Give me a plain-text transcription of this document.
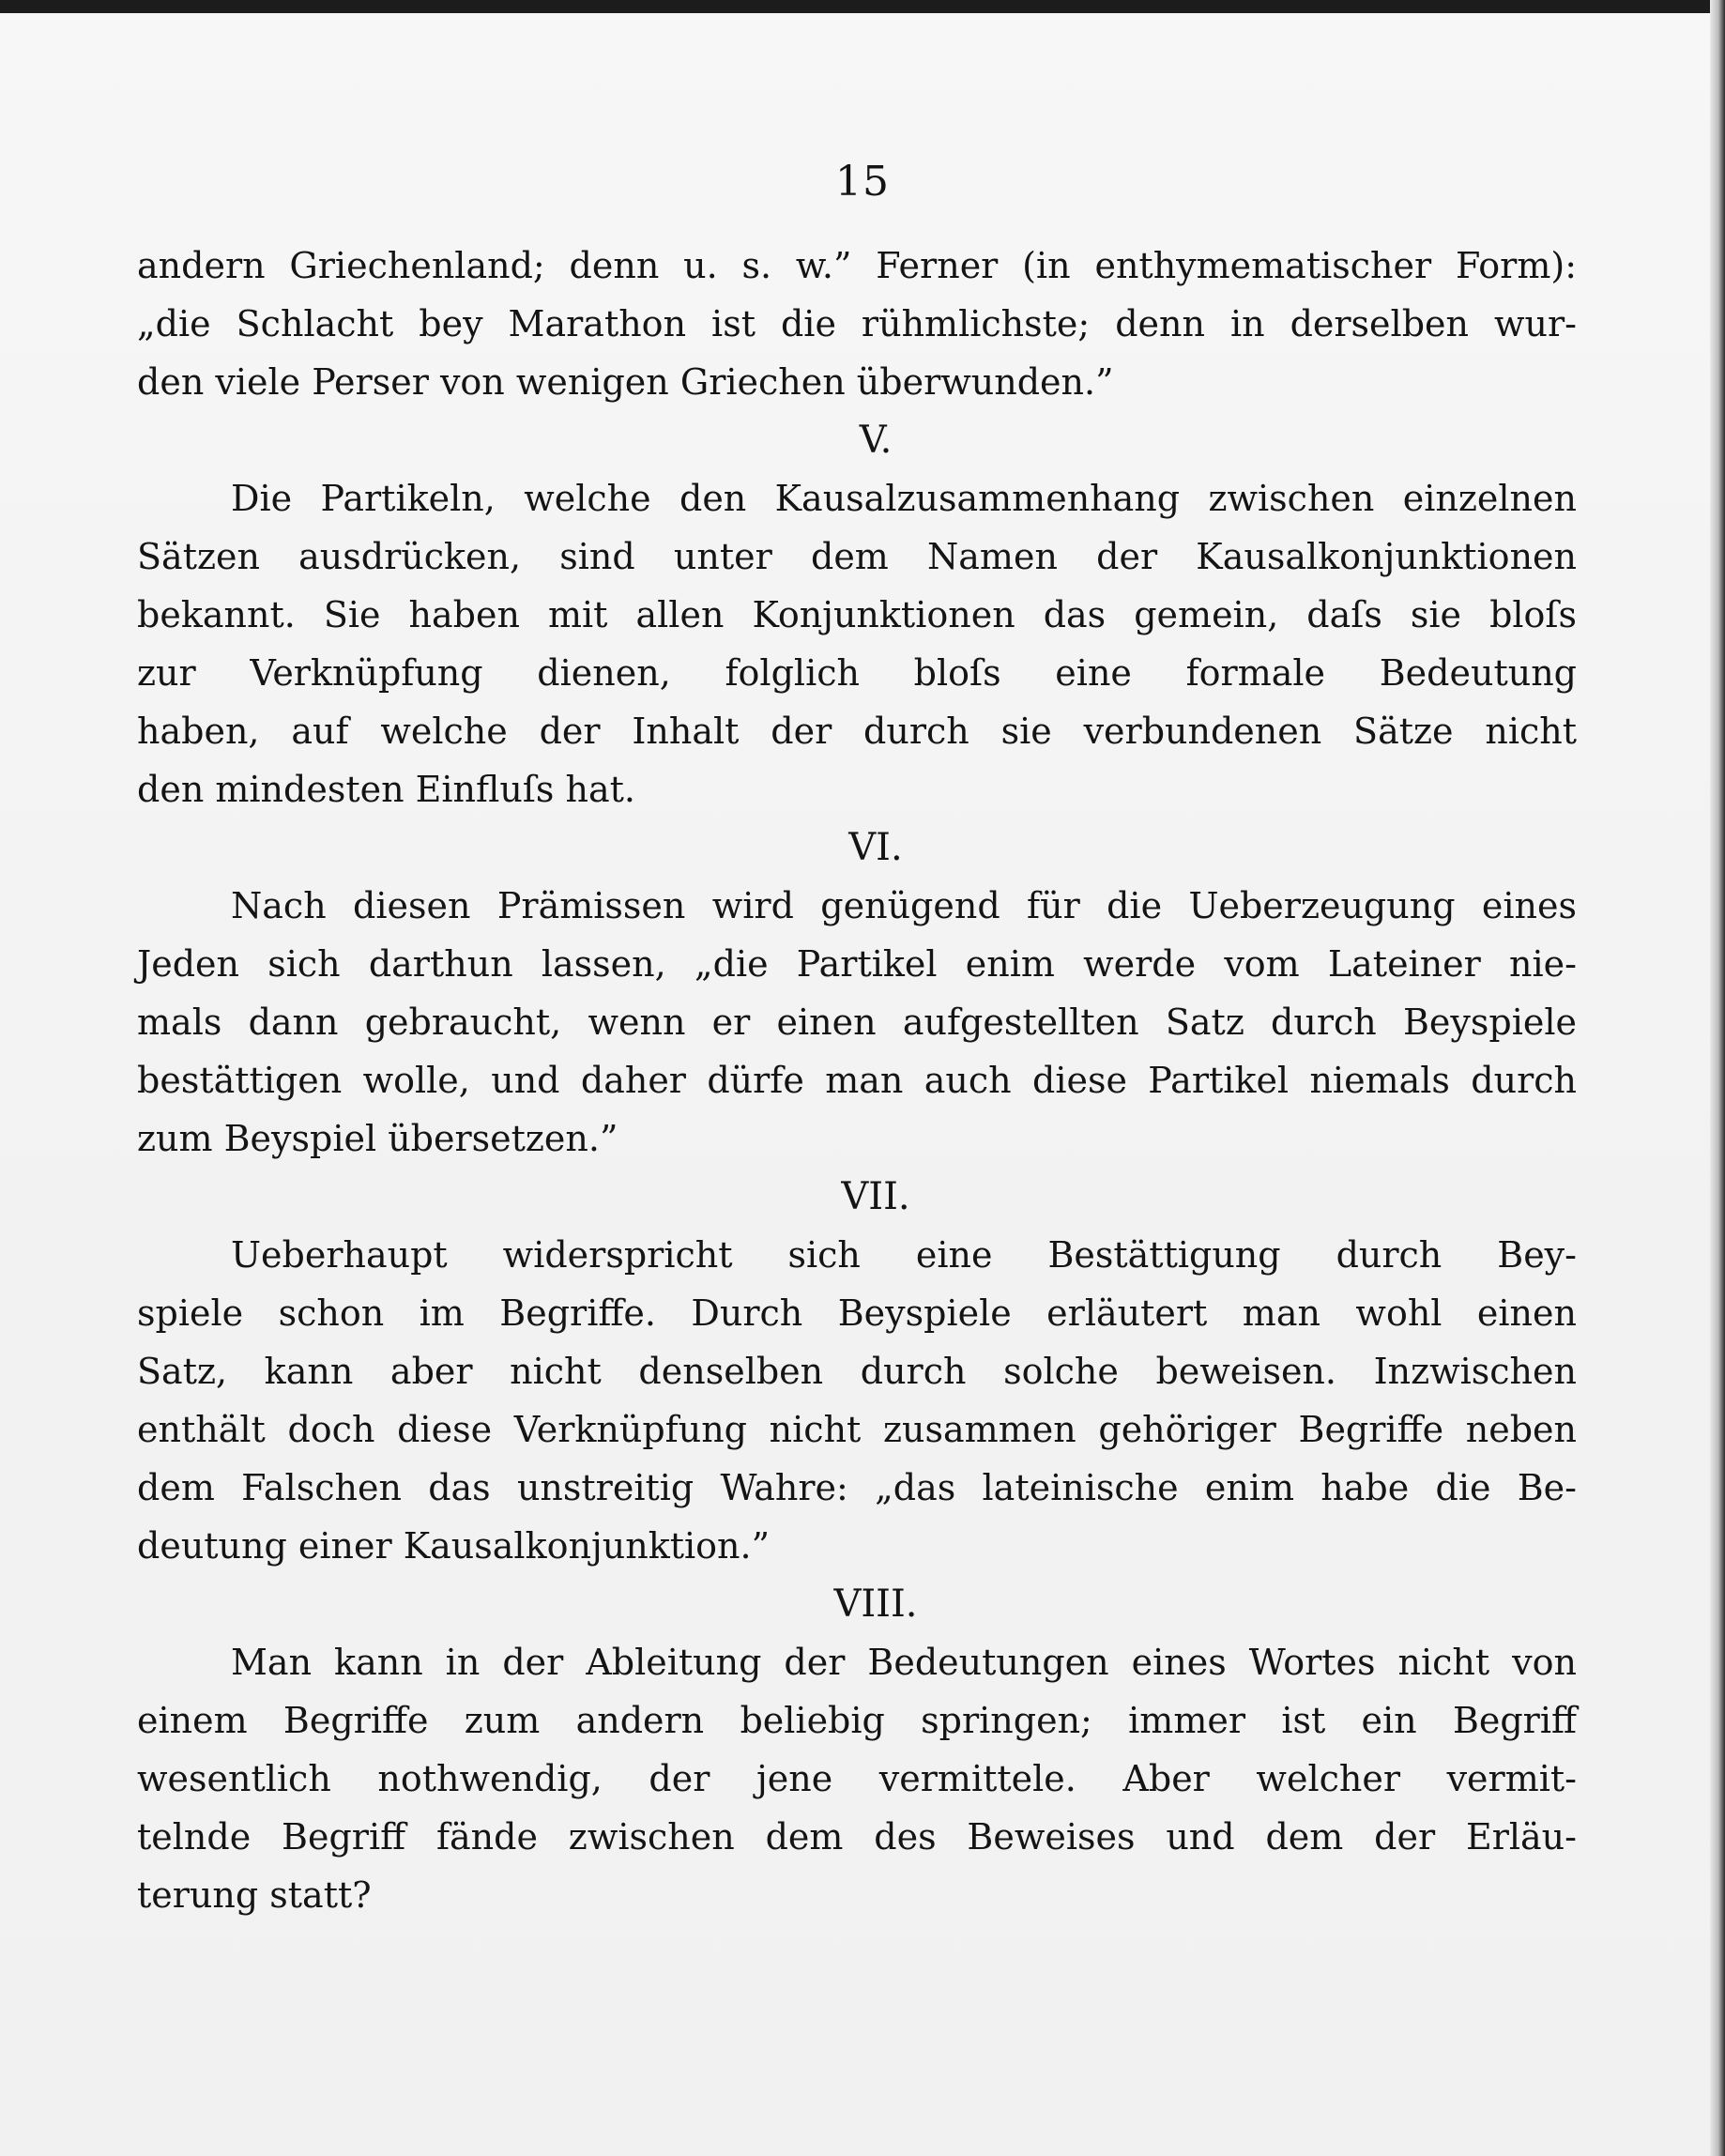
15
andern Griechenland; denn u. s. w.” Ferner (in enthymematischer Form):
„die Schlacht bey Marathon ist die rühmlichste; denn in derselben wur-
den viele Perser von wenigen Griechen überwunden.”
V.
Die Partikeln, welche den Kausalzusammenhang zwischen einzelnen
Sätzen ausdrücken, sind unter dem Namen der Kausalkonjunktionen
bekannt. Sie haben mit allen Konjunktionen das gemein, daſs sie bloſs
zur Verknüpfung dienen, folglich bloſs eine formale Bedeutung
haben, auf welche der Inhalt der durch sie verbundenen Sätze nicht
den mindesten Einfluſs hat.
VI.
Nach diesen Prämissen wird genügend für die Ueberzeugung eines
Jeden sich darthun lassen, „die Partikel enim werde vom Lateiner nie-
mals dann gebraucht, wenn er einen aufgestellten Satz durch Beyspiele
bestättigen wolle, und daher dürfe man auch diese Partikel niemals durch
zum Beyspiel übersetzen.”
VII.
Ueberhaupt widerspricht sich eine Bestättigung durch Bey-
spiele schon im Begriffe. Durch Beyspiele erläutert man wohl einen
Satz, kann aber nicht denselben durch solche beweisen. Inzwischen
enthält doch diese Verknüpfung nicht zusammen gehöriger Begriffe neben
dem Falschen das unstreitig Wahre: „das lateinische enim habe die Be-
deutung einer Kausalkonjunktion.”
VIII.
Man kann in der Ableitung der Bedeutungen eines Wortes nicht von
einem Begriffe zum andern beliebig springen; immer ist ein Begriff
wesentlich nothwendig, der jene vermittele. Aber welcher vermit-
telnde Begriff fände zwischen dem des Beweises und dem der Erläu-
terung statt?
